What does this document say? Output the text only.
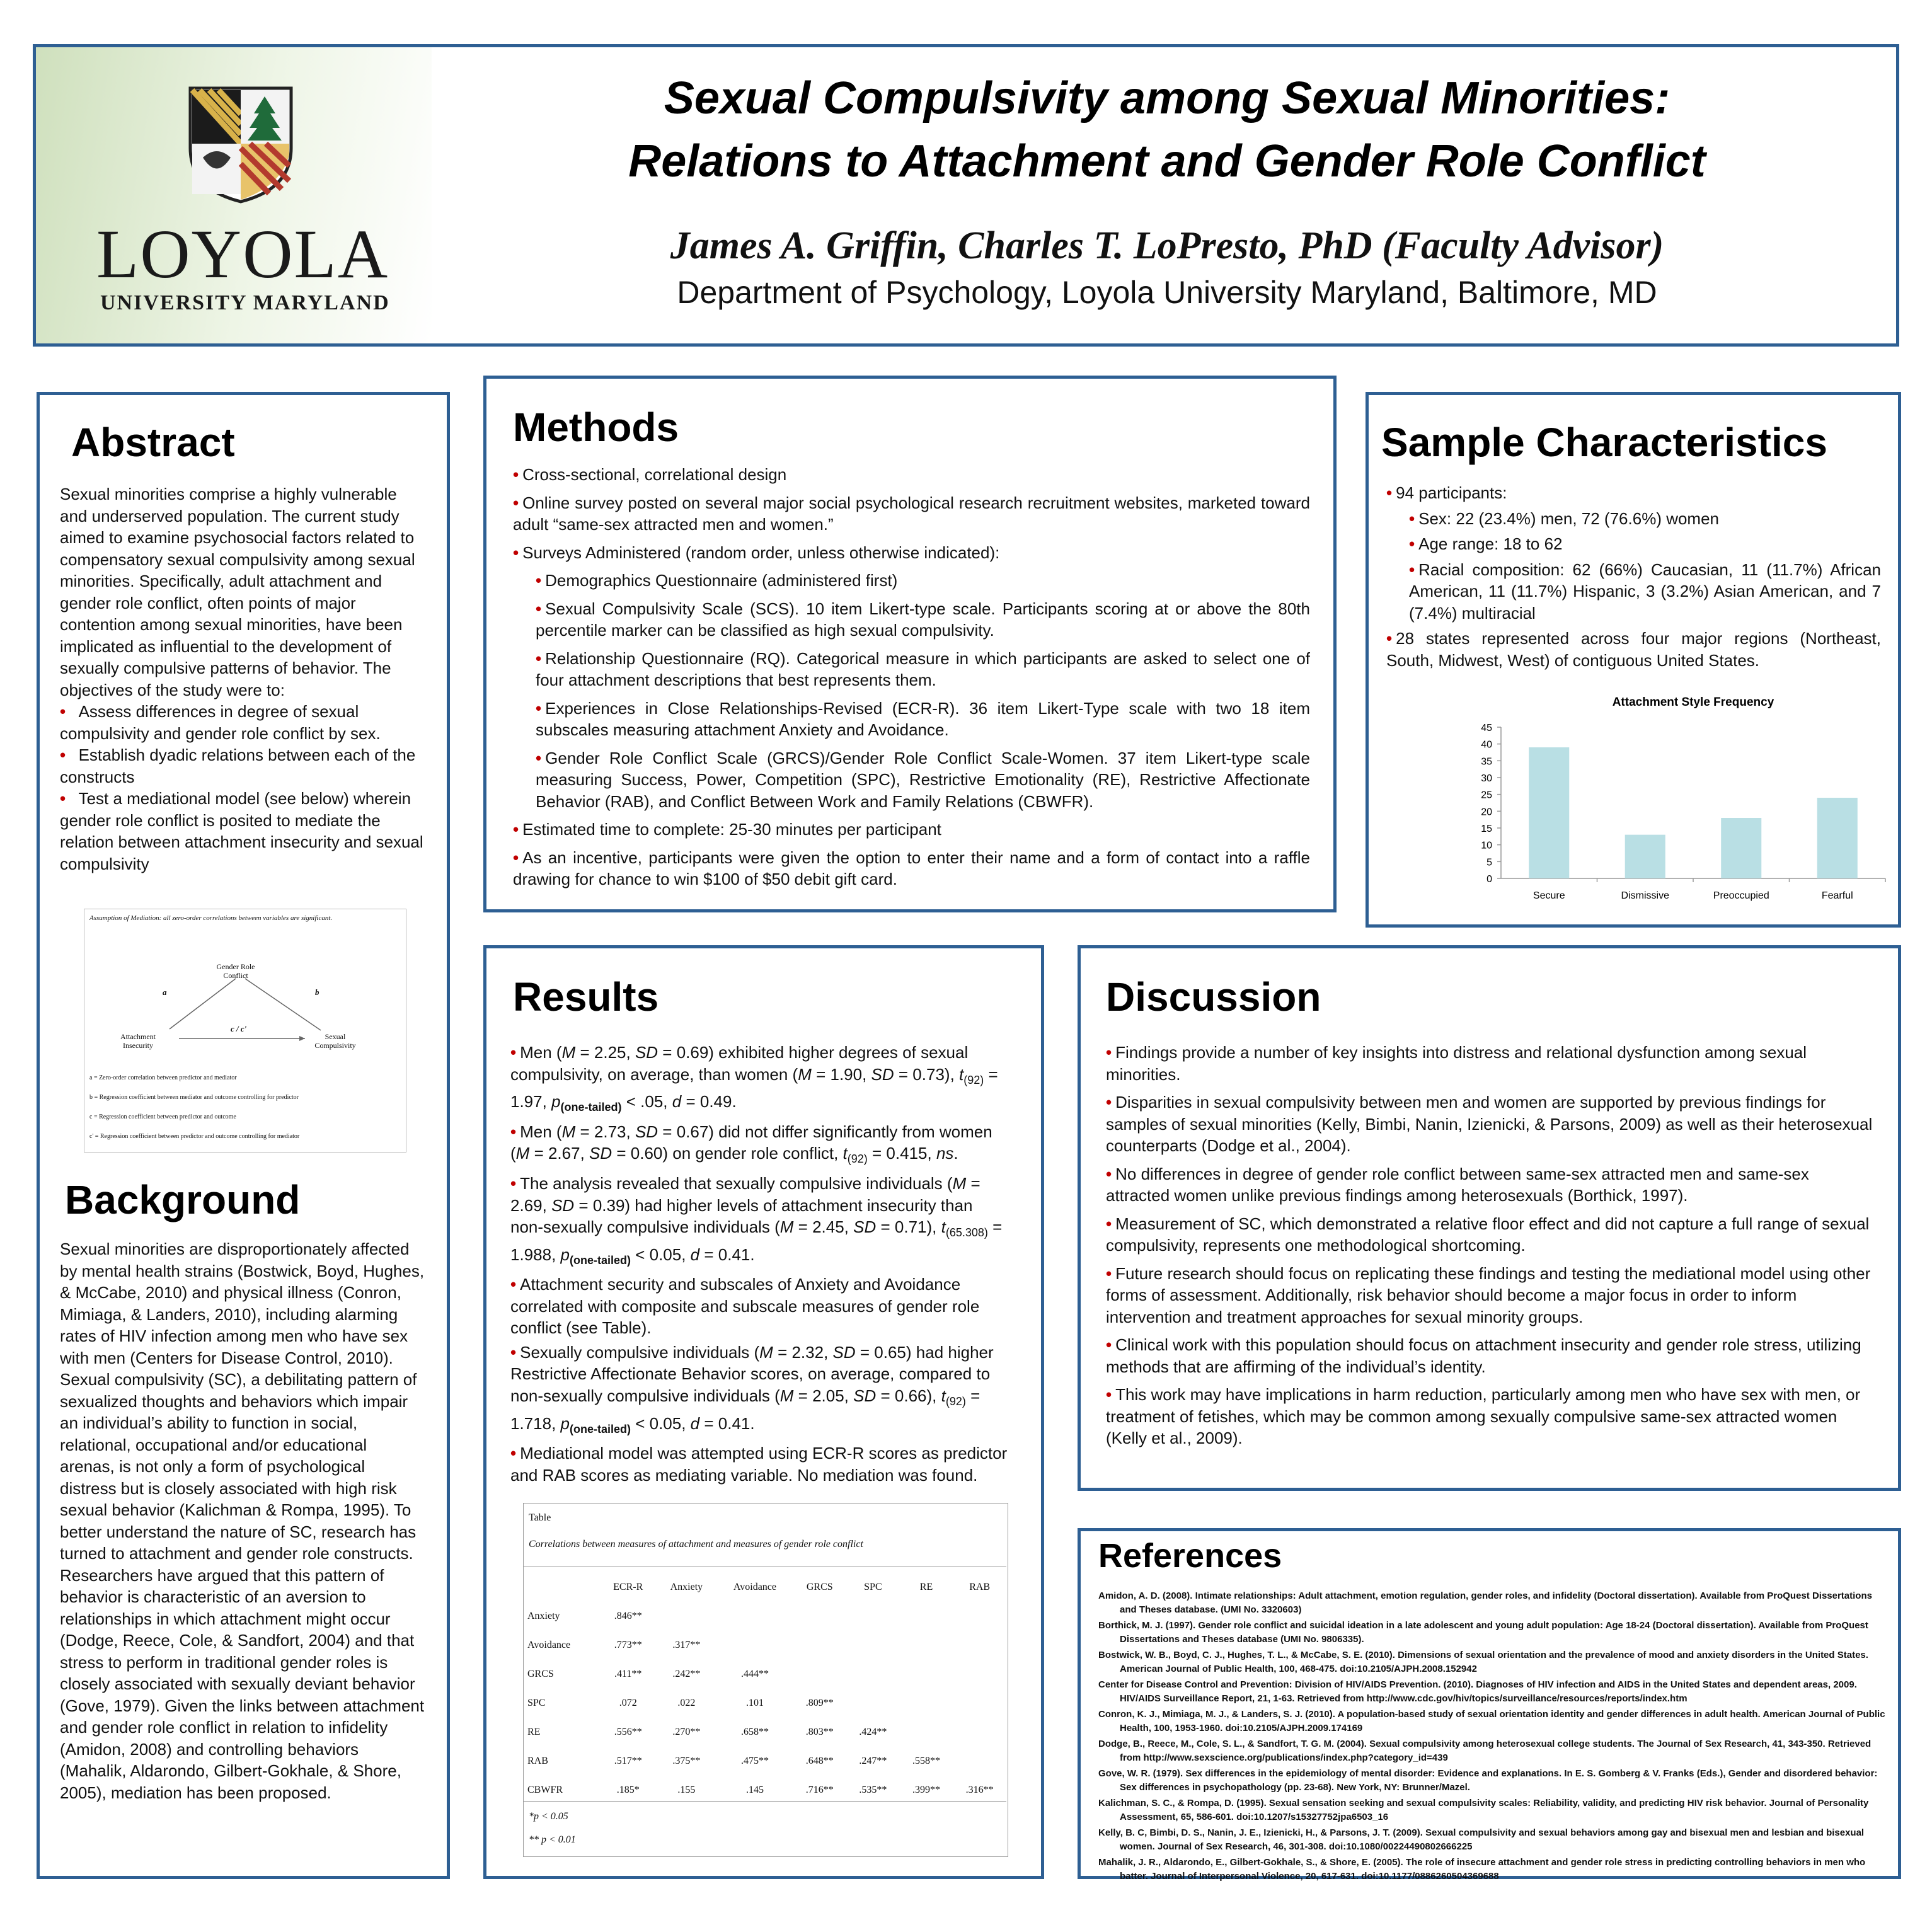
LOYOLA
UNIVERSITY MARYLAND
Sexual Compulsivity among Sexual Minorities:
Relations to Attachment and Gender Role Conflict
James A. Griffin, Charles T. LoPresto, PhD (Faculty Advisor)
Department of Psychology, Loyola University Maryland, Baltimore, MD
Abstract
Sexual minorities comprise a highly vulnerable and underserved population. The current study aimed to examine psychosocial factors related to compensatory sexual compulsivity among sexual minorities. Specifically, adult attachment and gender role conflict, often points of major contention among sexual minorities, have been implicated as influential to the development of sexually compulsive patterns of behavior. The objectives of the study were to:
• Assess differences in degree of sexual compulsivity and gender role conflict by sex.
• Establish dyadic relations between each of the constructs
• Test a mediational model (see below) wherein gender role conflict is posited to mediate the relation between attachment insecurity and sexual compulsivity
Assumption of Mediation: all zero-order correlations between variables are significant.
Gender Role Conflict
Attachment Insecurity
Sexual Compulsivity
a	b
c / c'
a = Zero-order correlation between predictor and mediator
b = Regression coefficient between mediator and outcome controlling for predictor
c = Regression coefficient between predictor and outcome
c' = Regression coefficient between predictor and outcome controlling for mediator
Background
Sexual minorities are disproportionately affected by mental health strains (Bostwick, Boyd, Hughes, & McCabe, 2010) and physical illness (Conron, Mimiaga, & Landers, 2010), including alarming rates of HIV infection among men who have sex with men (Centers for Disease Control, 2010). Sexual compulsivity (SC), a debilitating pattern of sexualized thoughts and behaviors which impair an individual’s ability to function in social, relational, occupational and/or educational arenas, is not only a form of psychological distress but is closely associated with high risk sexual behavior (Kalichman & Rompa, 1995). To better understand the nature of SC, research has turned to attachment and gender role constructs. Researchers have argued that this pattern of behavior is characteristic of an aversion to relationships in which attachment might occur (Dodge, Reece, Cole, & Sandfort, 2004) and that stress to perform in traditional gender roles is closely associated with sexually deviant behavior (Gove, 1979). Given the links between attachment and gender role conflict in relation to infidelity (Amidon, 2008) and controlling behaviors (Mahalik, Aldarondo, Gilbert-Gokhale, & Shore, 2005), mediation has been proposed.
Methods
• Cross-sectional, correlational design
• Online survey posted on several major social psychological research recruitment websites, marketed toward adult “same-sex attracted men and women.”
• Surveys Administered (random order, unless otherwise indicated):
• Demographics Questionnaire (administered first)
• Sexual Compulsivity Scale (SCS). 10 item Likert-type scale. Participants scoring at or above the 80th percentile marker can be classified as high sexual compulsivity.
• Relationship Questionnaire (RQ). Categorical measure in which participants are asked to select one of four attachment descriptions that best represents them.
• Experiences in Close Relationships-Revised (ECR-R). 36 item Likert-Type scale with two 18 item subscales measuring attachment Anxiety and Avoidance.
• Gender Role Conflict Scale (GRCS)/Gender Role Conflict Scale-Women. 37 item Likert-type scale measuring Success, Power, Competition (SPC), Restrictive Emotionality (RE), Restrictive Affectionate Behavior (RAB), and Conflict Between Work and Family Relations (CBWFR).
• Estimated time to complete: 25-30 minutes per participant
• As an incentive, participants were given the option to enter their name and a form of contact into a raffle drawing for chance to win $100 of $50 debit gift card.
Sample Characteristics
• 94 participants:
• Sex: 22 (23.4%) men, 72 (76.6%) women
• Age range: 18 to 62
• Racial composition: 62 (66%) Caucasian, 11 (11.7%) African American, 11 (11.7%) Hispanic, 3 (3.2%) Asian American, and 7 (7.4%) multiracial
• 28 states represented across four major regions (Northeast, South, Midwest, West) of contiguous United States.
Attachment Style Frequency
0
5
10
15
20
25
30
35
40
45
Secure	Dismissive	Preoccupied	Fearful
Results
• Men (M = 2.25, SD = 0.69) exhibited higher degrees of sexual compulsivity, on average, than women (M = 1.90, SD = 0.73), $t_{(92)} = 1.97$, $p_{(one-tailed)} < .05$, d = 0.49.
• Men (M = 2.73, SD = 0.67) did not differ significantly from women (M = 2.67, SD = 0.60) on gender role conflict, $t_{(92)} = 0.415$, ns.
• The analysis revealed that sexually compulsive individuals (M = 2.69, SD = 0.39) had higher levels of attachment insecurity than non-sexually compulsive individuals (M = 2.45, SD = 0.71), $t_{(65.308)} = 1.988$, $p_{(one-tailed)} < 0.05$, d = 0.41.
• Attachment security and subscales of Anxiety and Avoidance correlated with composite and subscale measures of gender role conflict (see Table).
• Sexually compulsive individuals (M = 2.32, SD = 0.65) had higher Restrictive Affectionate Behavior scores, on average, compared to non-sexually compulsive individuals (M = 2.05, SD = 0.66), $t_{(92)} = 1.718$, $p_{(one-tailed)} < 0.05$, d = 0.41.
• Mediational model was attempted using ECR-R scores as predictor and RAB scores as mediating variable. No mediation was found.
Table
Correlations between measures of attachment and measures of gender role conflict
	ECR-R	Anxiety	Avoidance	GRCS	SPC	RE	RAB
Anxiety	.846**						
Avoidance	.773**	.317**					
GRCS	.411**	.242**	.444**				
SPC	.072	.022	.101	.809**			
RE	.556**	.270**	.658**	.803**	.424**		
RAB	.517**	.375**	.475**	.648**	.247**	.558**	
CBWFR	.185*	.155	.145	.716**	.535**	.399**	.316**
*p < 0.05
** p < 0.01
Discussion
• Findings provide a number of key insights into distress and relational dysfunction among sexual minorities.
• Disparities in sexual compulsivity between men and women are supported by previous findings for samples of sexual minorities (Kelly, Bimbi, Nanin, Izienicki, & Parsons, 2009) as well as their heterosexual counterparts (Dodge et al., 2004).
• No differences in degree of gender role conflict between same-sex attracted men and same-sex attracted women unlike previous findings among heterosexuals (Borthick, 1997).
• Measurement of SC, which demonstrated a relative floor effect and did not capture a full range of sexual compulsivity, represents one methodological shortcoming.
• Future research should focus on replicating these findings and testing the mediational model using other forms of assessment. Additionally, risk behavior should become a major focus in order to inform intervention and treatment approaches for sexual minority groups.
• Clinical work with this population should focus on attachment insecurity and gender role stress, utilizing methods that are affirming of the individual’s identity.
• This work may have implications in harm reduction, particularly among men who have sex with men, or treatment of fetishes, which may be common among sexually compulsive same-sex attracted women (Kelly et al., 2009).
References

Amidon, A. D. (2008). Intimate relationships: Adult attachment, emotion regulation, gender roles, and infidelity (Doctoral dissertation). Available from ProQuest Dissertations and Theses database. (UMI No. 3320603)

Borthick, M. J. (1997). Gender role conflict and suicidal ideation in a late adolescent and young adult population: Age 18-24 (Doctoral dissertation). Available from ProQuest Dissertations and Theses database (UMI No. 9806335).

Bostwick, W. B., Boyd, C. J., Hughes, T. L., & McCabe, S. E. (2010). Dimensions of sexual orientation and the prevalence of mood and anxiety disorders in the United States. American Journal of Public Health, 100, 468-475. doi:10.2105/AJPH.2008.152942

Center for Disease Control and Prevention: Division of HIV/AIDS Prevention. (2010). Diagnoses of HIV infection and AIDS in the United States and dependent areas, 2009. HIV/AIDS Surveillance Report, 21, 1-63. Retrieved from http://www.cdc.gov/hiv/topics/surveillance/resources/reports/index.htm

Conron, K. J., Mimiaga, M. J., & Landers, S. J. (2010). A population-based study of sexual orientation identity and gender differences in adult health. American Journal of Public Health, 100, 1953-1960. doi:10.2105/AJPH.2009.174169

Dodge, B., Reece, M., Cole, S. L., & Sandfort, T. G. M. (2004). Sexual compulsivity among heterosexual college students. The Journal of Sex Research, 41, 343-350. Retrieved from http://www.sexscience.org/publications/index.php?category_id=439

Gove, W. R. (1979). Sex differences in the epidemiology of mental disorder: Evidence and explanations. In E. S. Gomberg & V. Franks (Eds.), Gender and disordered behavior: Sex differences in psychopathology (pp. 23-68). New York, NY: Brunner/Mazel.

Kalichman, S. C., & Rompa, D. (1995). Sexual sensation seeking and sexual compulsivity scales: Reliability, validity, and predicting HIV risk behavior. Journal of Personality Assessment, 65, 586-601. doi:10.1207/s15327752jpa6503_16

Kelly, B. C, Bimbi, D. S., Nanin, J. E., Izienicki, H., & Parsons, J. T. (2009). Sexual compulsivity and sexual behaviors among gay and bisexual men and lesbian and bisexual women. Journal of Sex Research, 46, 301-308. doi:10.1080/00224490802666225

Mahalik, J. R., Aldarondo, E., Gilbert-Gokhale, S., & Shore, E. (2005). The role of insecure attachment and gender role stress in predicting controlling behaviors in men who batter. Journal of Interpersonal Violence, 20, 617-631. doi:10.1177/0886260504369688
